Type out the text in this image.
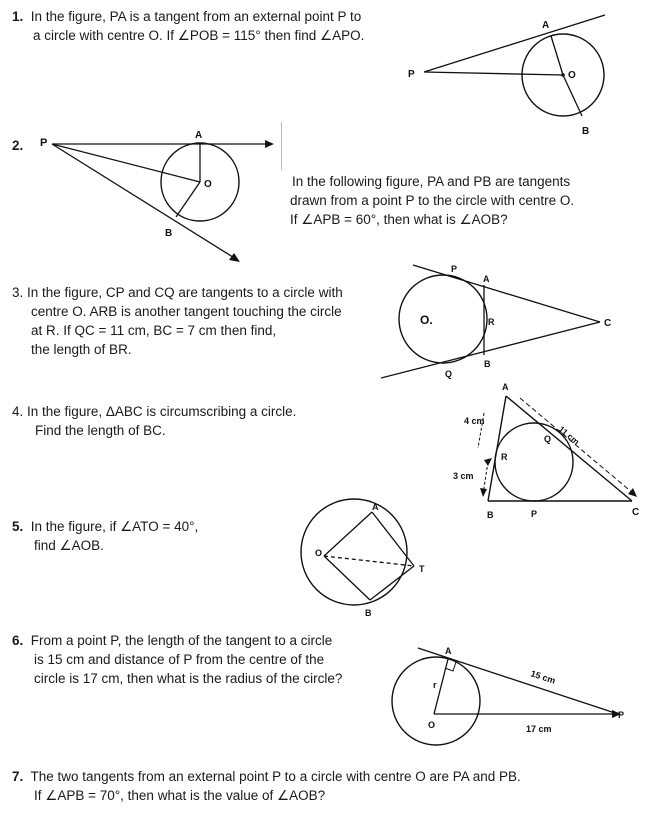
1. In the figure, PA is a tangent from an external point P to
a circle with centre O. If ∠POB = 115° then find ∠APO.
A
O
P
B
2. P
A
O
B
In the following figure, PA and PB are tangents
drawn from a point P to the circle with centre O.
If ∠APB = 60°, then what is ∠AOB?
3. In the figure, CP and CQ are tangents to a circle with
centre O. ARB is another tangent touching the circle
at R. If QC = 11 cm, BC = 7 cm then find,
the length of BR.
P
A
O.	R	C
Q
B
4. In the figure, ΔABC is circumscribing a circle.
Find the length of BC.
A
4 cm
11 cm
Q
R
3 cm
B	P	C
5. In the figure, if ∠ATO = 40°,
find ∠AOB.
A
O
T
B
6. From a point P, the length of the tangent to a circle
is 15 cm and distance of P from the centre of the
circle is 17 cm, then what is the radius of the circle?
A
r	15 cm
O	17 cm
P
7. The two tangents from an external point P to a circle with centre O are PA and PB.
If ∠APB = 70°, then what is the value of ∠AOB?
